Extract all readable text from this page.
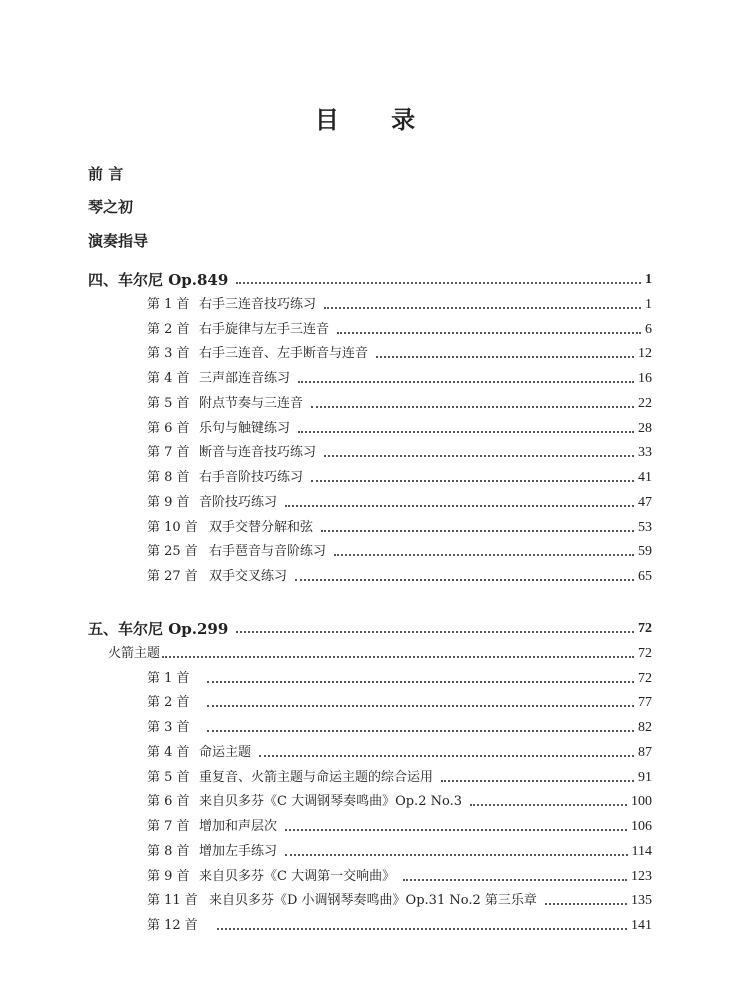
目 录
前 言
琴之初
演奏指导
四、车尔尼 Op.849	1
第 1 首 右手三连音技巧练习	1
第 2 首 右手旋律与左手三连音	6
第 3 首 右手三连音、左手断音与连音	12
第 4 首 三声部连音练习	16
第 5 首 附点节奏与三连音	22
第 6 首 乐句与触键练习	28
第 7 首 断音与连音技巧练习	33
第 8 首 右手音阶技巧练习	41
第 9 首 音阶技巧练习	47
第 10 首 双手交替分解和弦	53
第 25 首 右手琶音与音阶练习	59
第 27 首 双手交叉练习	65
五、车尔尼 Op.299	72
火箭主题	72
第 1 首	72
第 2 首	77
第 3 首	82
第 4 首 命运主题	87
第 5 首 重复音、火箭主题与命运主题的综合运用	91
第 6 首 来自贝多芬《C 大调钢琴奏鸣曲》Op.2 No.3	100
第 7 首 增加和声层次	106
第 8 首 增加左手练习	114
第 9 首 来自贝多芬《C 大调第一交响曲》	123
第 11 首 来自贝多芬《D 小调钢琴奏鸣曲》Op.31 No.2 第三乐章	135
第 12 首	141
